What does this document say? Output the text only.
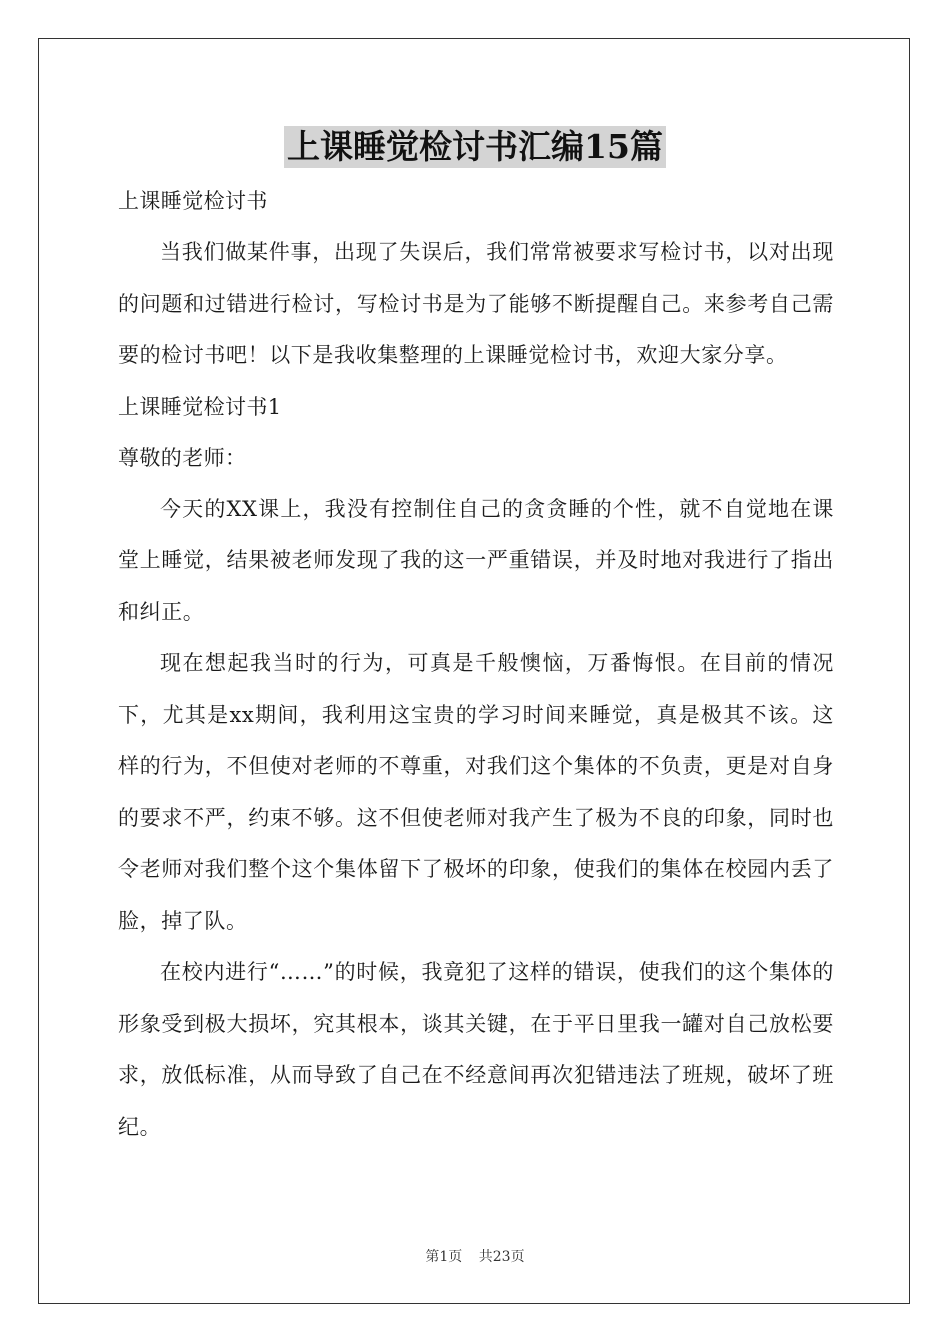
上课睡觉检讨书汇编15篇

上课睡觉检讨书

当我们做某件事，出现了失误后，我们常常被要求写检讨书，以对出现的问题和过错进行检讨，写检讨书是为了能够不断提醒自己。来参考自己需要的检讨书吧！以下是我收集整理的上课睡觉检讨书，欢迎大家分享。

上课睡觉检讨书1

尊敬的老师：

今天的XX课上，我没有控制住自己的贪贪睡的个性，就不自觉地在课堂上睡觉，结果被老师发现了我的这一严重错误，并及时地对我进行了指出和纠正。

现在想起我当时的行为，可真是千般懊恼，万番悔恨。在目前的情况下，尤其是xx期间，我利用这宝贵的学习时间来睡觉，真是极其不该。这样的行为，不但使对老师的不尊重，对我们这个集体的不负责，更是对自身的要求不严，约束不够。这不但使老师对我产生了极为不良的印象，同时也令老师对我们整个这个集体留下了极坏的印象，使我们的集体在校园内丢了脸，掉了队。

在校内进行“……”的时候，我竟犯了这样的错误，使我们的这个集体的形象受到极大损坏，究其根本，谈其关键，在于平日里我一罐对自己放松要求，放低标准，从而导致了自己在不经意间再次犯错违法了班规，破坏了班纪。

第1页 共23页
